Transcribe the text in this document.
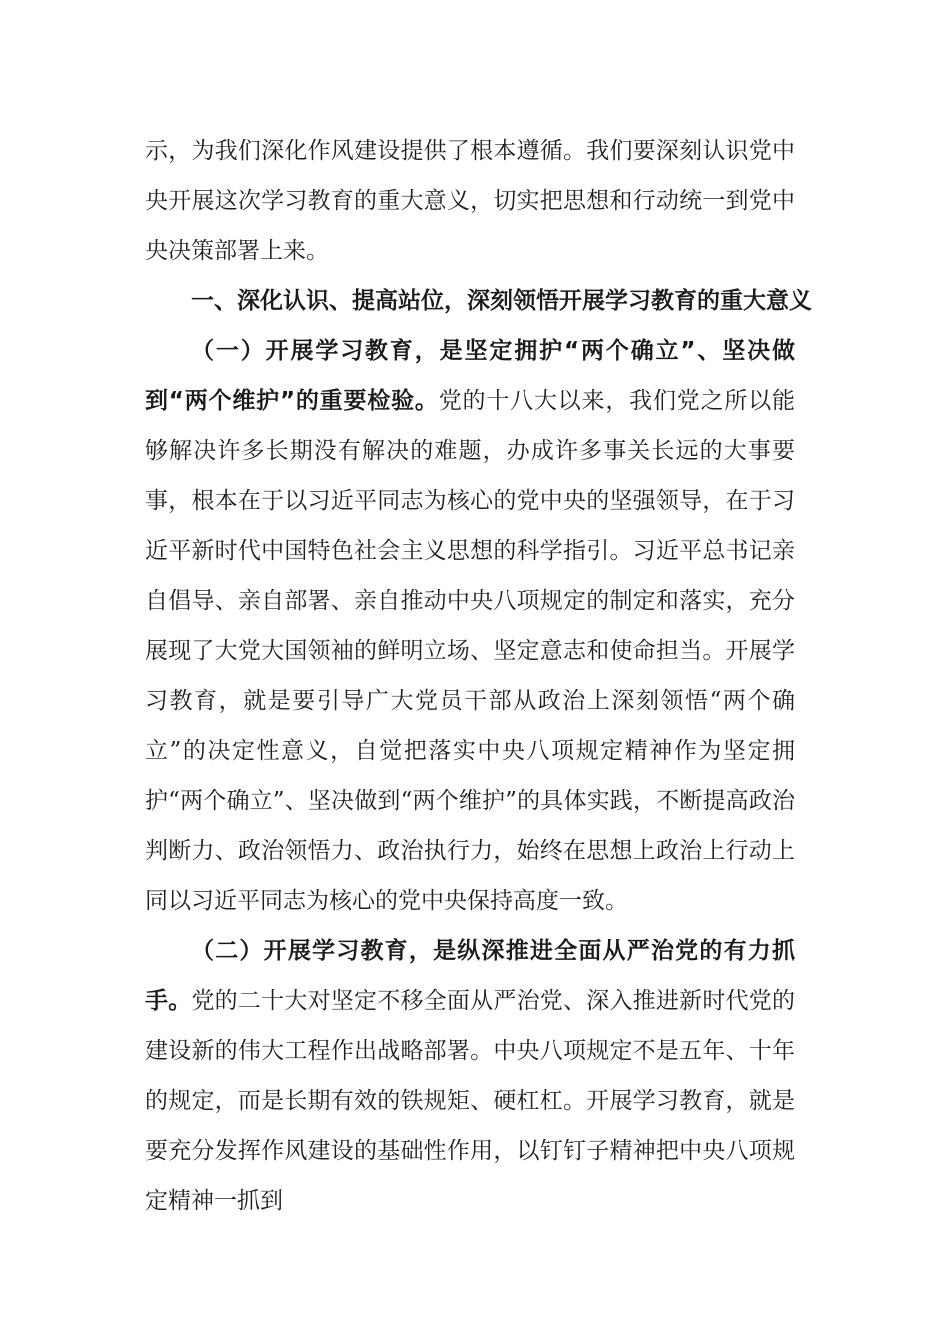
示，为我们深化作风建设提供了根本遵循。我们要深刻认识党中央开展这次学习教育的重大意义，切实把思想和行动统一到党中央决策部署上来。

一、深化认识、提高站位，深刻领悟开展学习教育的重大意义

（一）开展学习教育，是坚定拥护“两个确立”、坚决做到“两个维护”的重要检验。党的十八大以来，我们党之所以能够解决许多长期没有解决的难题，办成许多事关长远的大事要事，根本在于以习近平同志为核心的党中央的坚强领导，在于习近平新时代中国特色社会主义思想的科学指引。习近平总书记亲自倡导、亲自部署、亲自推动中央八项规定的制定和落实，充分展现了大党大国领袖的鲜明立场、坚定意志和使命担当。开展学习教育，就是要引导广大党员干部从政治上深刻领悟“两个确立”的决定性意义，自觉把落实中央八项规定精神作为坚定拥护“两个确立”、坚决做到“两个维护”的具体实践，不断提高政治判断力、政治领悟力、政治执行力，始终在思想上政治上行动上同以习近平同志为核心的党中央保持高度一致。

（二）开展学习教育，是纵深推进全面从严治党的有力抓手。党的二十大对坚定不移全面从严治党、深入推进新时代党的建设新的伟大工程作出战略部署。中央八项规定不是五年、十年的规定，而是长期有效的铁规矩、硬杠杠。开展学习教育，就是要充分发挥作风建设的基础性作用，以钉钉子精神把中央八项规定精神一抓到
